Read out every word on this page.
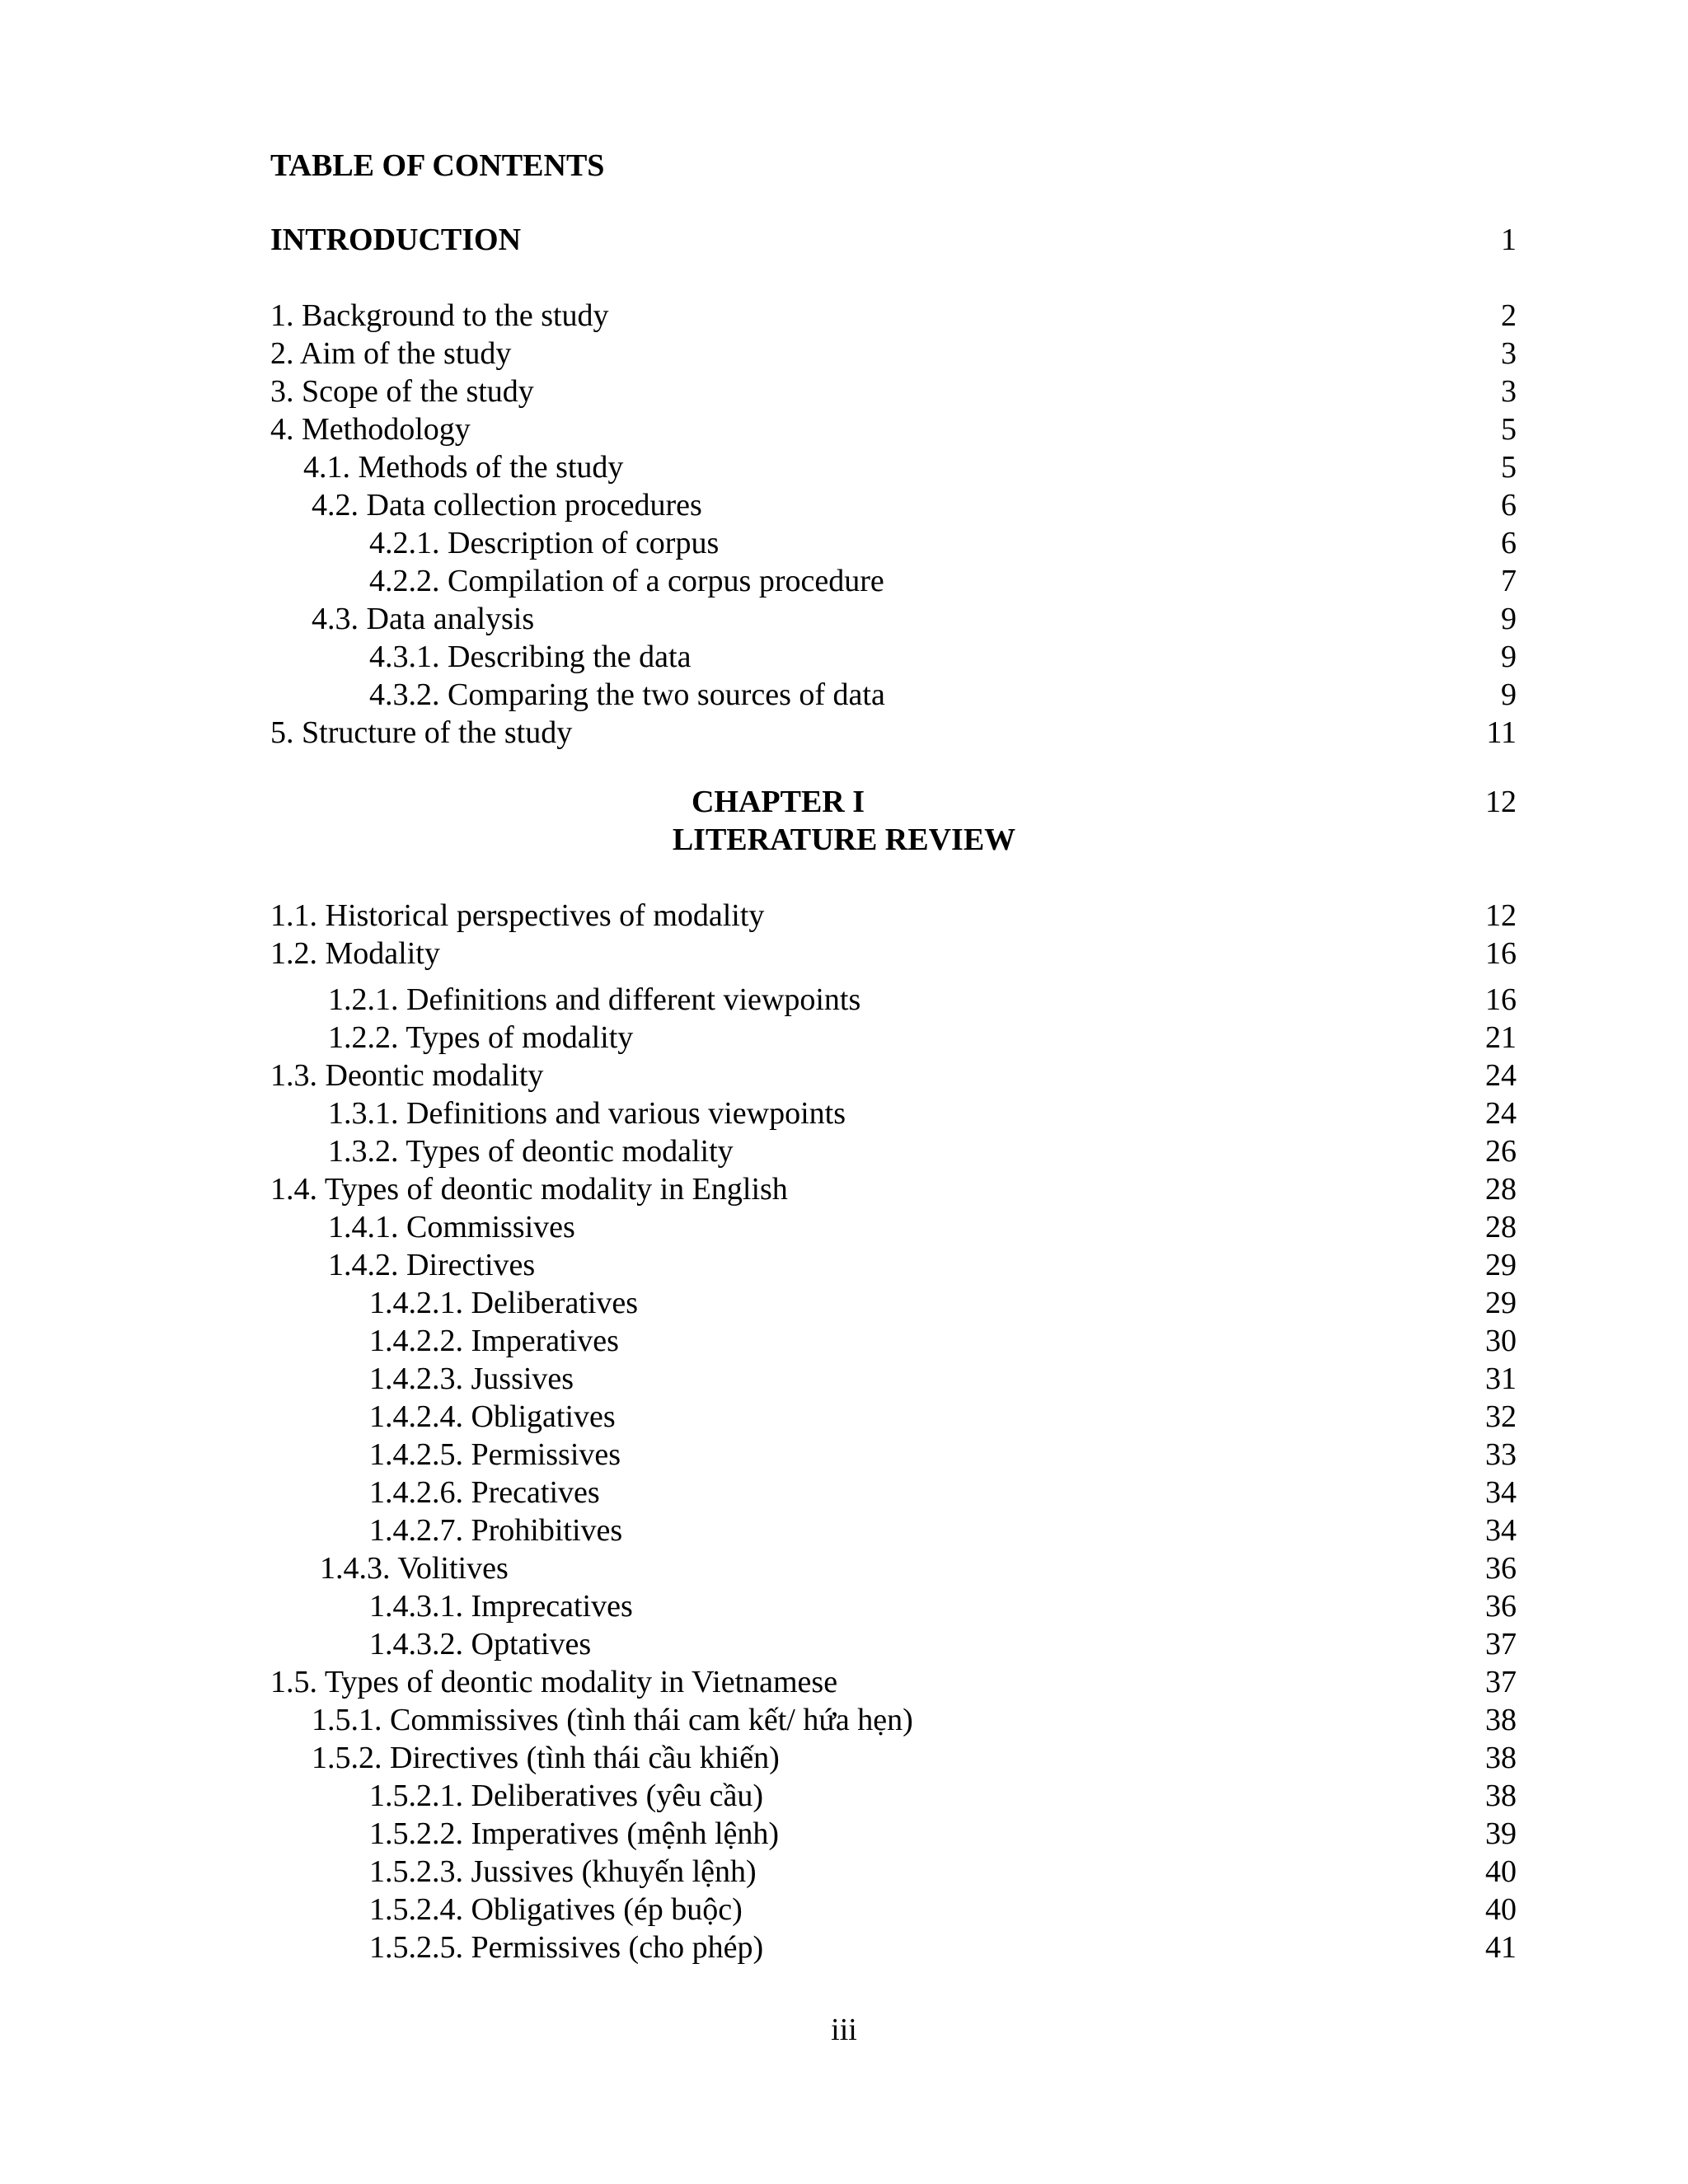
TABLE OF CONTENTS
INTRODUCTION	1
1. Background to the study	2
2. Aim of the study	3
3. Scope of the study	3
4. Methodology	5
4.1. Methods of the study	5
4.2. Data collection procedures	6
4.2.1. Description of corpus	6
4.2.2. Compilation of a corpus procedure	7
4.3. Data analysis	9
4.3.1. Describing the data	9
4.3.2. Comparing the two sources of data	9
5. Structure of the study	11
CHAPTER I	12
LITERATURE REVIEW
1.1. Historical perspectives of modality	12
1.2. Modality	16
1.2.1. Definitions and different viewpoints	16
1.2.2. Types of modality	21
1.3. Deontic modality	24
1.3.1. Definitions and various viewpoints	24
1.3.2. Types of deontic modality	26
1.4. Types of deontic modality in English	28
1.4.1. Commissives	28
1.4.2. Directives	29
1.4.2.1. Deliberatives	29
1.4.2.2. Imperatives	30
1.4.2.3. Jussives	31
1.4.2.4. Obligatives	32
1.4.2.5. Permissives	33
1.4.2.6. Precatives	34
1.4.2.7. Prohibitives	34
1.4.3. Volitives	36
1.4.3.1. Imprecatives	36
1.4.3.2. Optatives	37
1.5. Types of deontic modality in Vietnamese	37
1.5.1. Commissives (tình thái cam kết/ hứa hẹn)	38
1.5.2. Directives (tình thái cầu khiến)	38
1.5.2.1. Deliberatives (yêu cầu)	38
1.5.2.2. Imperatives (mệnh lệnh)	39
1.5.2.3. Jussives (khuyến lệnh)	40
1.5.2.4. Obligatives (ép buộc)	40
1.5.2.5. Permissives (cho phép)	41
iii
